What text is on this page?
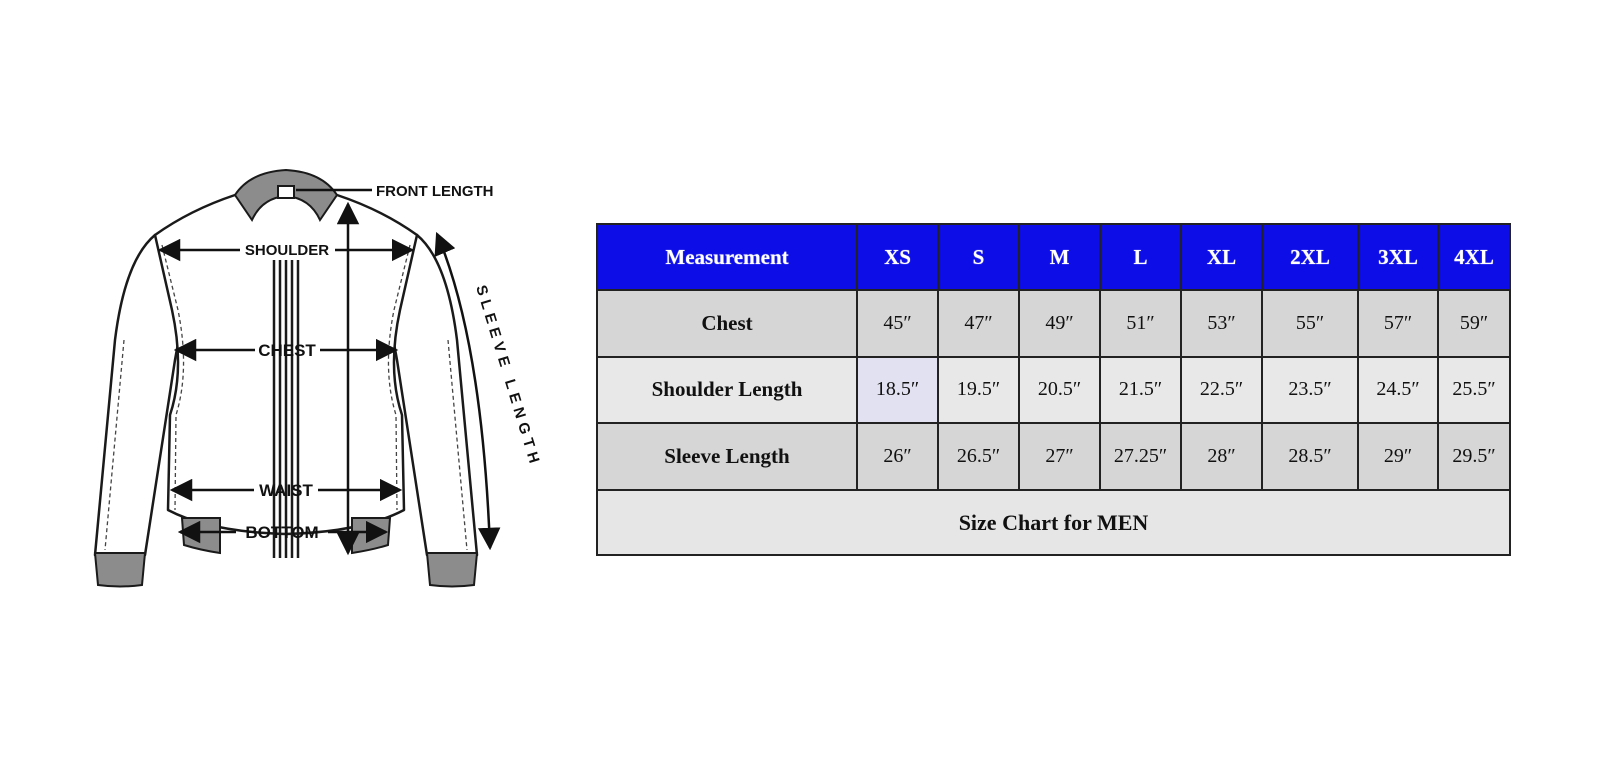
FRONT LENGTH
SHOULDER
CHEST
WAIST
BOTTOM
SLEEVE LENGTH
Measurement	XS	S	M	L	XL	2XL	3XL	4XL
Chest	45″	47″	49″	51″	53″	55″	57″	59″
Shoulder Length	18.5″	19.5″	20.5″	21.5″	22.5″	23.5″	24.5″	25.5″
Sleeve Length	26″	26.5″	27″	27.25″	28″	28.5″	29″	29.5″
Size Chart for MEN								
